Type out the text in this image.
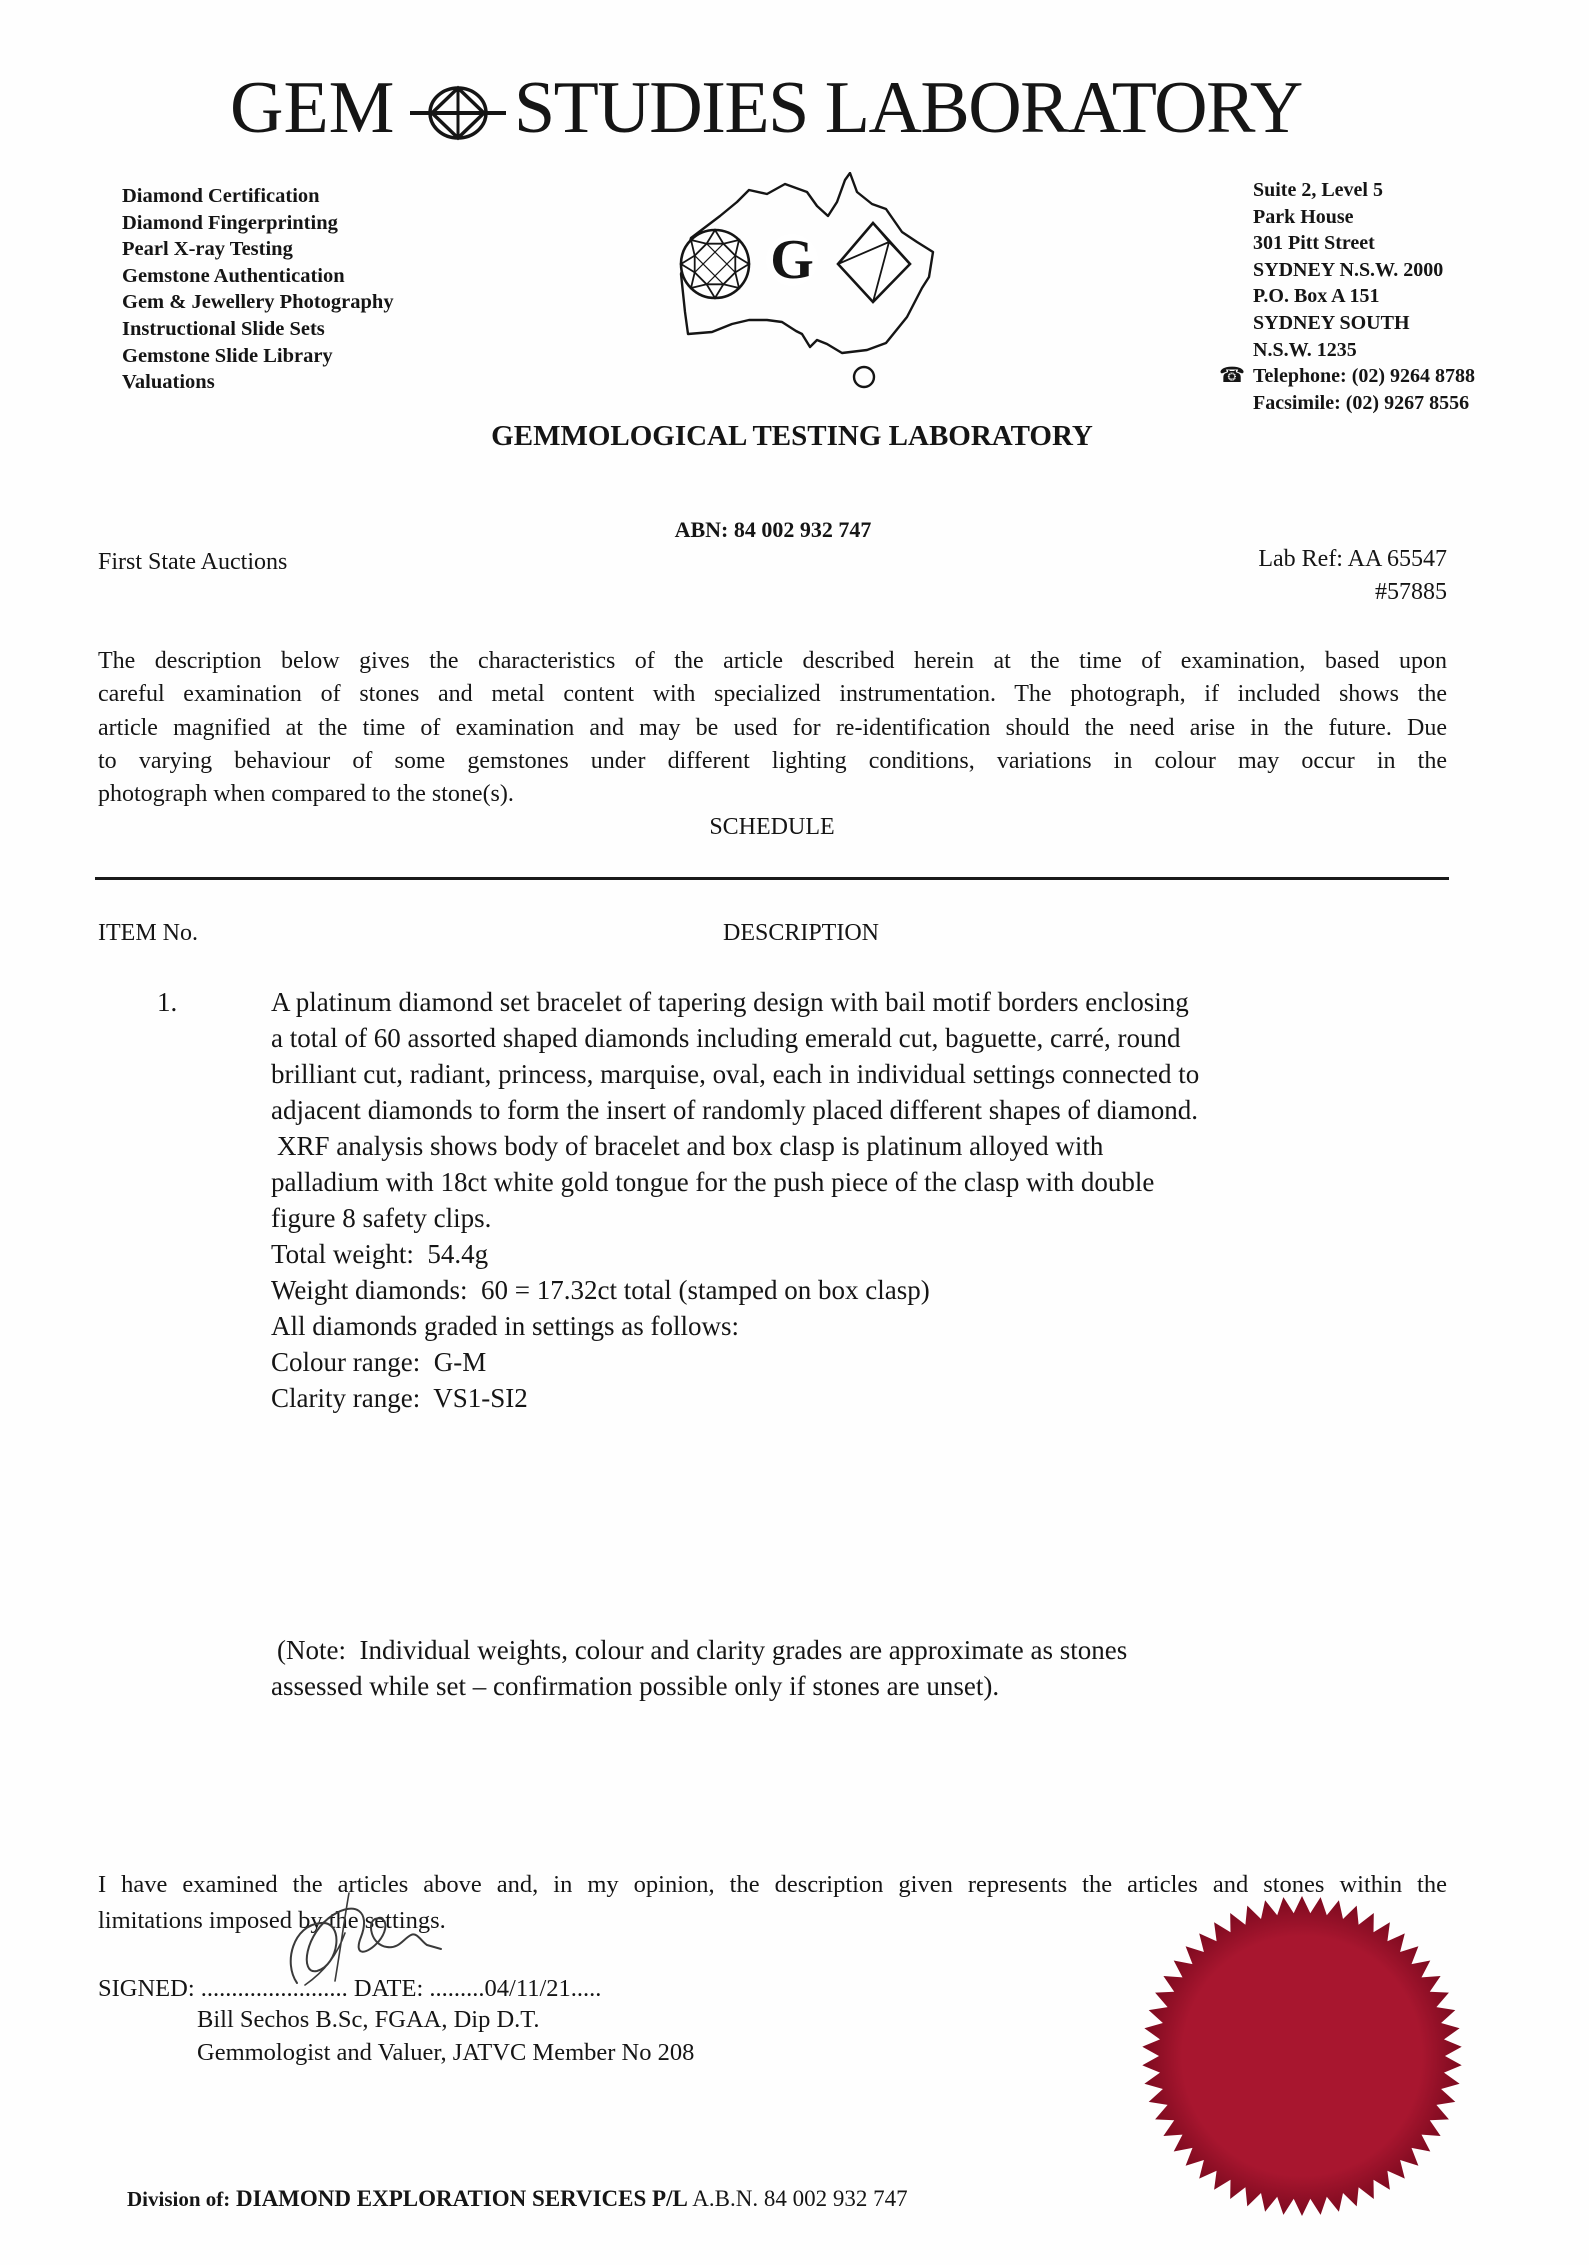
GEM STUDIES LABORATORY
Diamond Certification
Diamond Fingerprinting
Pearl X-ray Testing
Gemstone Authentication
Gem & Jewellery Photography
Instructional Slide Sets
Gemstone Slide Library
Valuations
G
Suite 2, Level 5
Park House
301 Pitt Street
SYDNEY N.S.W. 2000
P.O. Box A 151
SYDNEY SOUTH
N.S.W. 1235
Telephone: (02) 9264 8788
Facsimile: (02) 9267 8556
☎
GEMMOLOGICAL TESTING LABORATORY
ABN: 84 002 932 747
First State Auctions	Lab Ref: AA 65547
#57885
The description below gives the characteristics of the article described herein at the time of examination, based upon
careful examination of stones and metal content with specialized instrumentation. The photograph, if included shows the
article magnified at the time of examination and may be used for re-identification should the need arise in the future. Due
to varying behaviour of some gemstones under different lighting conditions, variations in colour may occur in the
photograph when compared to the stone(s).
SCHEDULE
ITEM No.	DESCRIPTION
1.	A platinum diamond set bracelet of tapering design with bail motif borders enclosing
a total of 60 assorted shaped diamonds including emerald cut, baguette, carré, round
brilliant cut, radiant, princess, marquise, oval, each in individual settings connected to
adjacent diamonds to form the insert of randomly placed different shapes of diamond.
XRF analysis shows body of bracelet and box clasp is platinum alloyed with
palladium with 18ct white gold tongue for the push piece of the clasp with double
figure 8 safety clips.
Total weight:  54.4g
Weight diamonds:  60 = 17.32ct total (stamped on box clasp)
All diamonds graded in settings as follows:
Colour range:  G-M
Clarity range:  VS1-SI2
(Note:  Individual weights, colour and clarity grades are approximate as stones
assessed while set – confirmation possible only if stones are unset).
I have examined the articles above and, in my opinion, the description given represents the articles and stones within the
limitations imposed by the settings.
SIGNED: ........................ DATE: .........04/11/21.....
Bill Sechos B.Sc, FGAA, Dip D.T.
Gemmologist and Valuer, JATVC Member No 208
Division of: DIAMOND EXPLORATION SERVICES P/L A.B.N. 84 002 932 747
